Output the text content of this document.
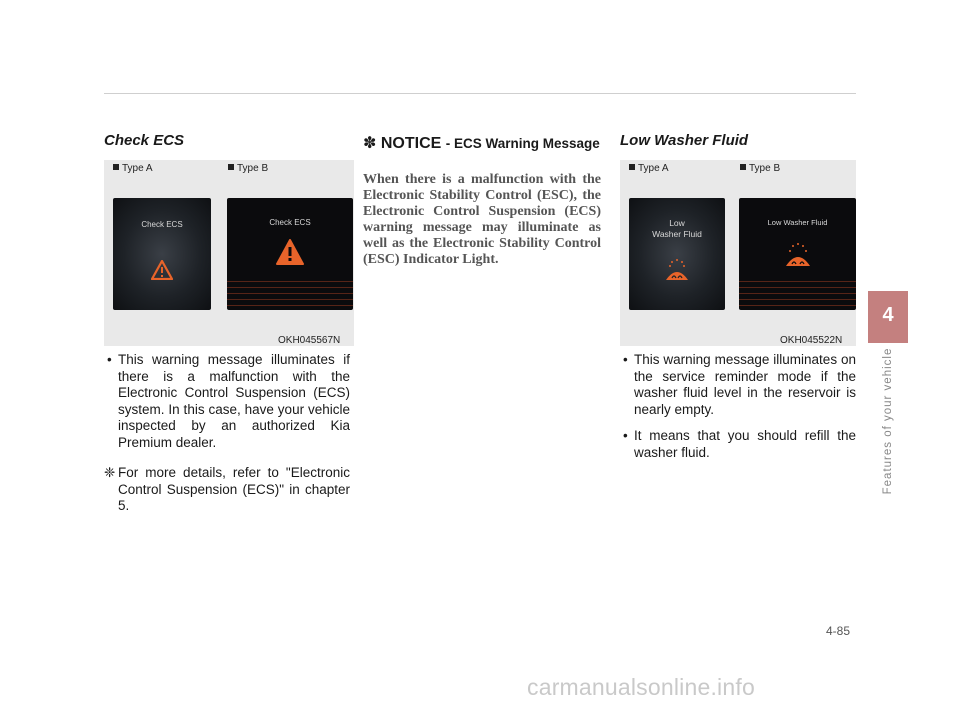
Check ECS
Type A	Type B
Check ECS	Check ECS
OKH045567N
• This warning message illuminates if there is a malfunction with the Electronic Control Suspension (ECS) system. In this case, have your vehicle inspected by an authorized Kia Premium dealer.
❈ For more details, refer to "Electronic Control Suspension (ECS)" in chapter 5.
✽ NOTICE - ECS Warning Message
When there is a malfunction with the Electronic Stability Control (ESC), the Electronic Control Suspension (ECS) warning message may illuminate as well as the Electronic Stability Control (ESC) Indicator Light.
Low Washer Fluid
Type A	Type B
Low
Washer Fluid
Low Washer Fluid
OKH045522N
• This warning message illuminates on the service reminder mode if the washer fluid level in the reservoir is nearly empty.
• It means that you should refill the washer fluid.
4
Features of your vehicle
4-85
carmanualsonline.info
